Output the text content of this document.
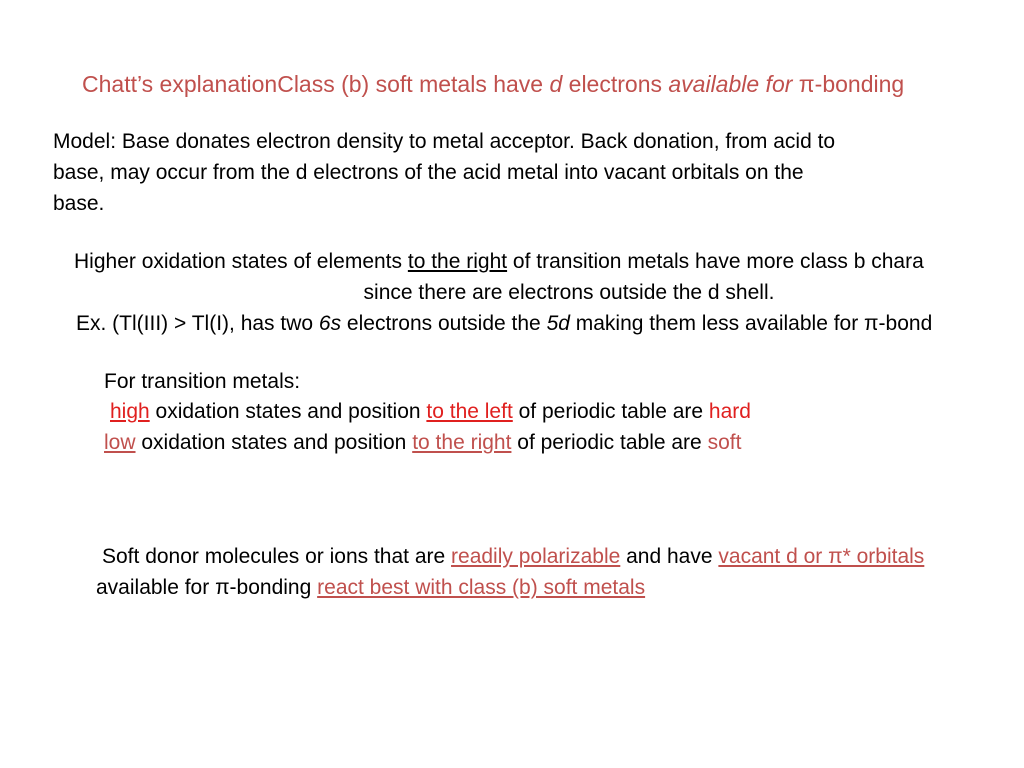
Chatt’s explanationClass (b) soft metals have d electrons available for π-bonding
Model: Base donates electron density to metal acceptor. Back donation, from acid to
base, may occur from the d electrons of the acid metal into vacant orbitals on the
base.
Higher oxidation states of elements to the right of transition metals have more class b chara
since there are electrons outside the d shell.
Ex. (Tl(III) > Tl(I), has two 6s electrons outside the 5d making them less available for π-bond
For transition metals:
high oxidation states and position to the left of periodic table are hard
low oxidation states and position to the right of periodic table are soft
Soft donor molecules or ions that are readily polarizable and have vacant d or π* orbitals
available for π-bonding react best with class (b) soft metals
